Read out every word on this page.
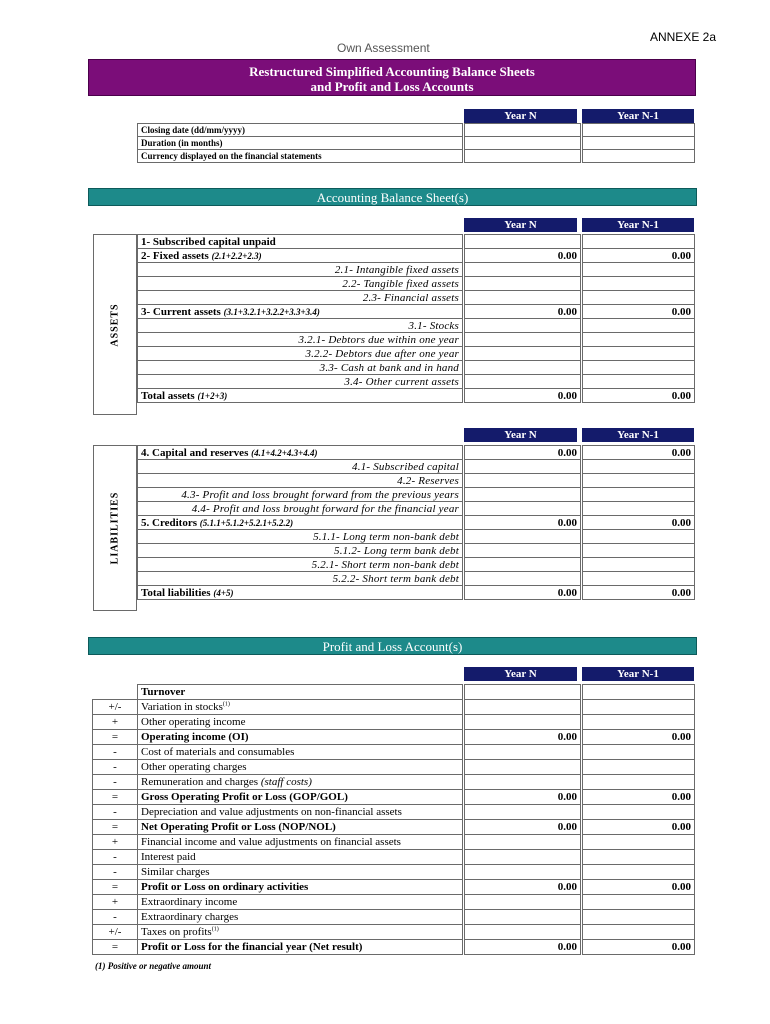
ANNEXE 2a
Own Assessment
Restructured Simplified Accounting Balance Sheets
and Profit and Loss Accounts
Year N	Year N-1
Closing date (dd/mm/yyyy)				
Duration (in months)				
Currency displayed on the financial statements				
Accounting Balance Sheet(s)
Year N	Year N-1
ASSETS
1- Subscribed capital unpaid				
2- Fixed assets (2.1+2.2+2.3)		0.00		0.00
2.1- Intangible fixed assets				
2.2- Tangible fixed assets				
2.3- Financial assets				
3- Current assets (3.1+3.2.1+3.2.2+3.3+3.4)		0.00		0.00
3.1- Stocks				
3.2.1- Debtors due within one year				
3.2.2- Debtors due after one year				
3.3- Cash at bank and in hand				
3.4- Other current assets				
Total assets (1+2+3)		0.00		0.00
Year N	Year N-1
LIABILITIES
4. Capital and reserves (4.1+4.2+4.3+4.4)		0.00		0.00
4.1- Subscribed capital				
4.2- Reserves				
4.3- Profit and loss brought forward from the previous years				
4.4- Profit and loss brought forward for the financial year				
5. Creditors (5.1.1+5.1.2+5.2.1+5.2.2)		0.00		0.00
5.1.1- Long term non-bank debt				
5.1.2- Long term bank debt				
5.2.1- Short term non-bank debt				
5.2.2- Short term bank debt				
Total liabilities (4+5)		0.00		0.00
Profit and Loss Account(s)
Year N	Year N-1
	Turnover				
+/-	Variation in stocks$^{(1)}$				
+	Other operating income				
=	Operating income (OI)		0.00		0.00
-	Cost of materials and consumables				
-	Other operating charges				
-	Remuneration and charges (staff costs)				
=	Gross Operating Profit or Loss (GOP/GOL)		0.00		0.00
-	Depreciation and value adjustments on non-financial assets				
=	Net Operating Profit or Loss (NOP/NOL)		0.00		0.00
+	Financial income and value adjustments on financial assets				
-	Interest paid				
-	Similar charges				
=	Profit or Loss on ordinary activities		0.00		0.00
+	Extraordinary income				
-	Extraordinary charges				
+/-	Taxes on profits$^{(1)}$				
=	Profit or Loss for the financial year (Net result)		0.00		0.00
(1) Positive or negative amount
